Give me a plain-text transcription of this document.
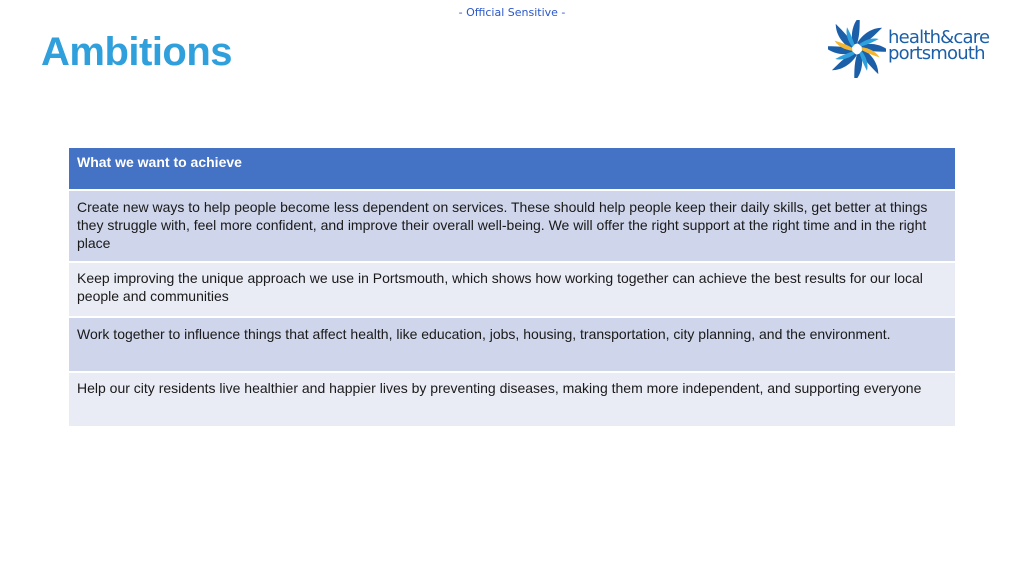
- Official Sensitive -
Ambitions	health&care
portsmouth
What we want to achieve
Create new ways to help people become less dependent on services. These should help people keep their daily skills, get better at things they struggle with, feel more confident, and improve their overall well-being. We will offer the right support at the right time and in the right place
Keep improving the unique approach we use in Portsmouth, which shows how working together can achieve the best results for our local people and communities
Work together to influence things that affect health, like education, jobs, housing, transportation, city planning, and the environment.
Help our city residents live healthier and happier lives by preventing diseases, making them more independent, and supporting everyone
